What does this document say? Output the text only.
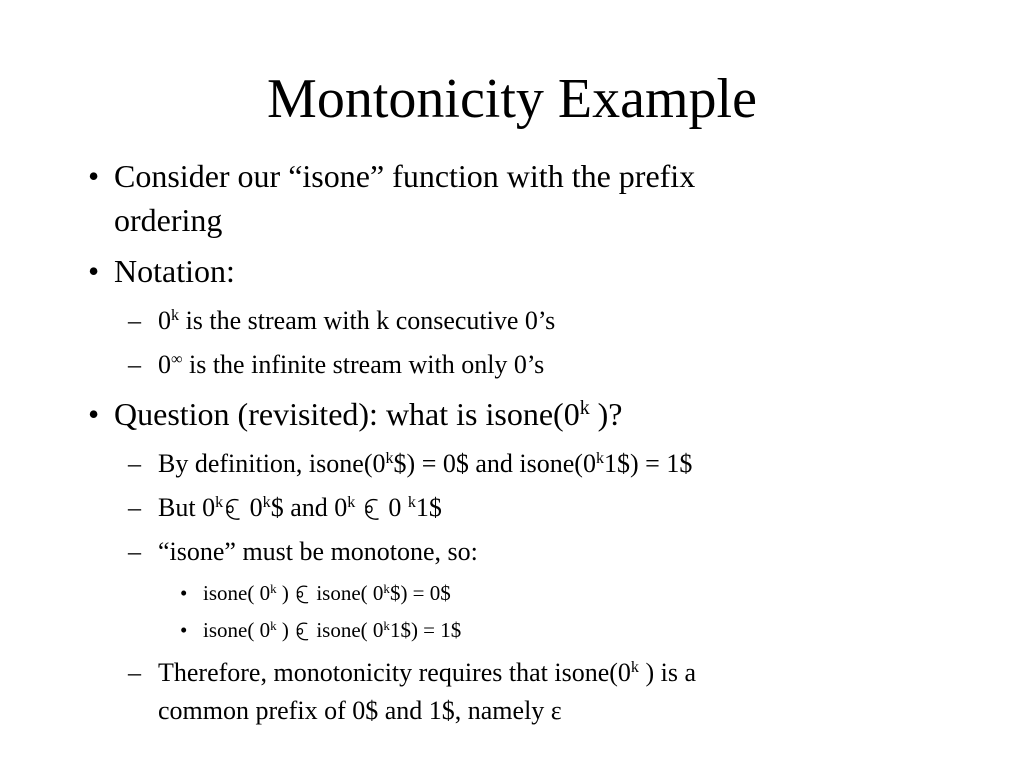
Montonicity Example
• Consider our “isone” function with the prefix
ordering
• Notation:
– 0$^k$ is the stream with k consecutive 0’s
– 0∞ is the infinite stream with only 0’s
• Question (revisited): what is isone(0$^k$ )?
– By definition, $isone(0^k\$)$ = 0$ and $isone(0^k1\$)$ = 1$
– But 0$^k$ 0$^k$\$ and 0$^k$  0 $^k$1$
– “isone” must be monotone, so:
• isone( 0$^k$ )  isone( $0^k\$$) = 0$
• isone( 0$^k$ )  isone( $0^k1\$$) = 1$
– Therefore, monotonicity requires that isone(0$^k$ ) is a
common prefix of 0$ and 1$, namely ε
